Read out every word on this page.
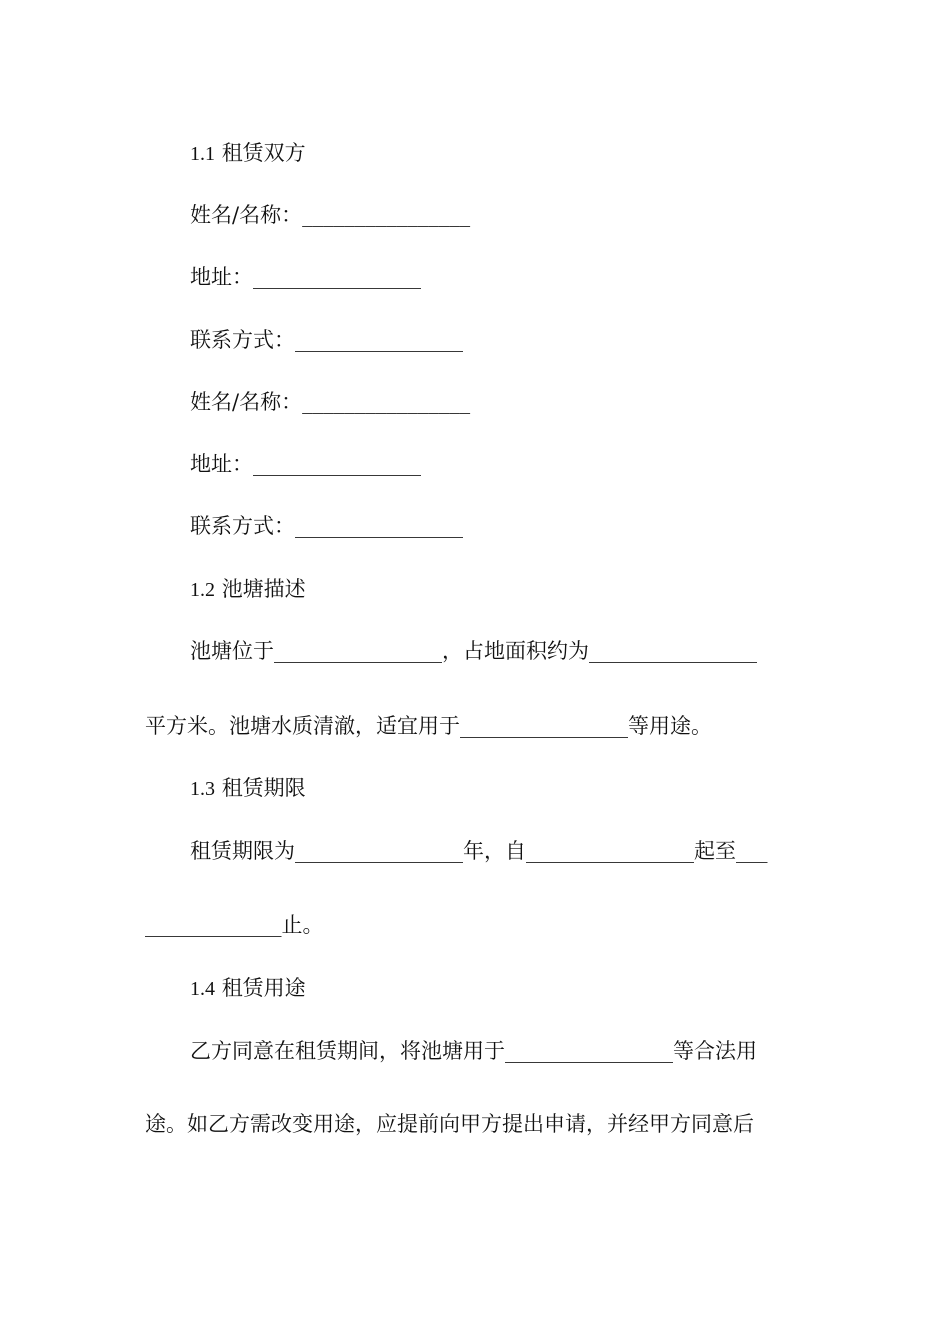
1.1 租赁双方
姓名/名称：________________
地址：________________
联系方式：________________
姓名/名称：________________
地址：________________
联系方式：________________
1.2 池塘描述
池塘位于________________，占地面积约为________________
平方米。池塘水质清澈，适宜用于________________等用途。
1.3 租赁期限
租赁期限为________________年，自________________起至___
_____________止。
1.4 租赁用途
乙方同意在租赁期间，将池塘用于________________等合法用
途。如乙方需改变用途，应提前向甲方提出申请，并经甲方同意后
